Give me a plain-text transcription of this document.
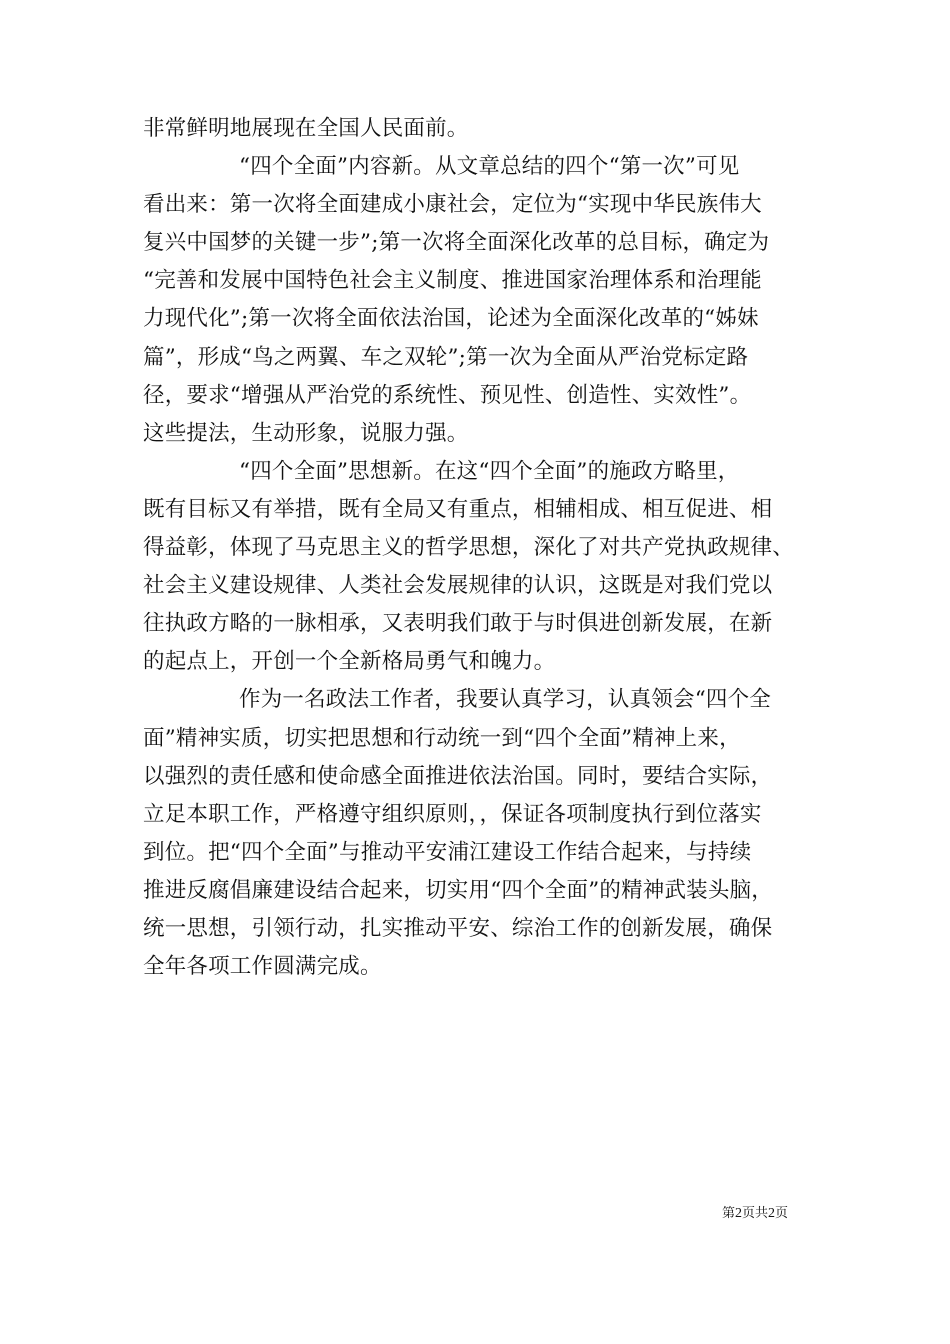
非常鲜明地展现在全国人民面前。
“四个全面”内容新。从文章总结的四个“第一次”可见
看出来：第一次将全面建成小康社会，定位为“实现中华民族伟大
复兴中国梦的关键一步”;第一次将全面深化改革的总目标，确定为
“完善和发展中国特色社会主义制度、推进国家治理体系和治理能
力现代化”;第一次将全面依法治国，论述为全面深化改革的“姊妹
篇”，形成“鸟之两翼、车之双轮”;第一次为全面从严治党标定路
径，要求“增强从严治党的系统性、预见性、创造性、实效性”。
这些提法，生动形象，说服力强。
“四个全面”思想新。在这“四个全面”的施政方略里，
既有目标又有举措，既有全局又有重点，相辅相成、相互促进、相
得益彰，体现了马克思主义的哲学思想，深化了对共产党执政规律、
社会主义建设规律、人类社会发展规律的认识，这既是对我们党以
往执政方略的一脉相承，又表明我们敢于与时俱进创新发展，在新
的起点上，开创一个全新格局勇气和魄力。
作为一名政法工作者，我要认真学习，认真领会“四个全
面”精神实质，切实把思想和行动统一到“四个全面”精神上来，
以强烈的责任感和使命感全面推进依法治国。同时，要结合实际，
立足本职工作，严格遵守组织原则，，保证各项制度执行到位落实
到位。把“四个全面”与推动平安浦江建设工作结合起来，与持续
推进反腐倡廉建设结合起来，切实用“四个全面”的精神武装头脑，
统一思想，引领行动，扎实推动平安、综治工作的创新发展，确保
全年各项工作圆满完成。
第2页共2页
